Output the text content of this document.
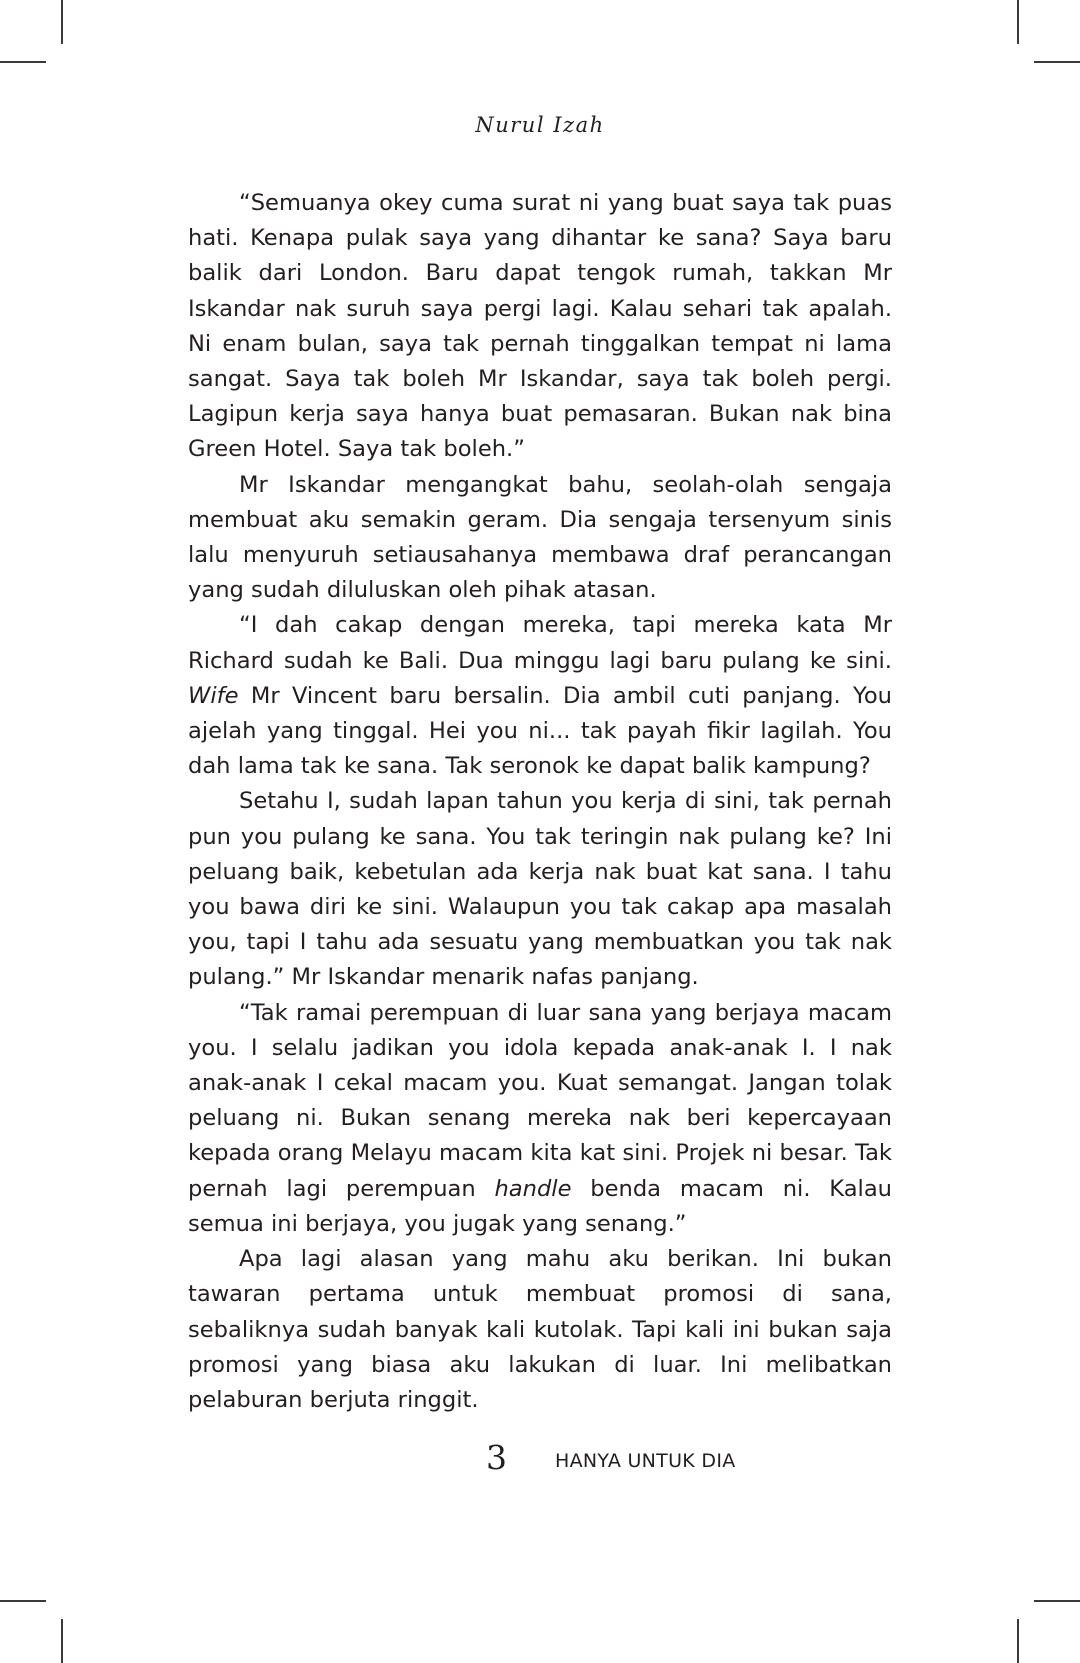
Nurul Izah

“Semuanya okey cuma surat ni yang buat saya tak puas hati. Kenapa pulak saya yang dihantar ke sana? Saya baru balik dari London. Baru dapat tengok rumah, takkan Mr Iskandar nak suruh saya pergi lagi. Kalau sehari tak apalah. Ni enam bulan, saya tak pernah tinggalkan tempat ni lama sangat. Saya tak boleh Mr Iskandar, saya tak boleh pergi. Lagipun kerja saya hanya buat pemasaran. Bukan nak bina Green Hotel. Saya tak boleh.”

Mr Iskandar mengangkat bahu, seolah-olah sengaja membuat aku semakin geram. Dia sengaja tersenyum sinis lalu menyuruh setiausahanya membawa draf perancangan yang sudah diluluskan oleh pihak atasan.

“I dah cakap dengan mereka, tapi mereka kata Mr Richard sudah ke Bali. Dua minggu lagi baru pulang ke sini. Wife Mr Vincent baru bersalin. Dia ambil cuti panjang. You ajelah yang tinggal. Hei you ni... tak payah fikir lagilah. You dah lama tak ke sana. Tak seronok ke dapat balik kampung?

Setahu I, sudah lapan tahun you kerja di sini, tak pernah pun you pulang ke sana. You tak teringin nak pulang ke? Ini peluang baik, kebetulan ada kerja nak buat kat sana. I tahu you bawa diri ke sini. Walaupun you tak cakap apa masalah you, tapi I tahu ada sesuatu yang membuatkan you tak nak pulang.” Mr Iskandar menarik nafas panjang.

“Tak ramai perempuan di luar sana yang berjaya macam you. I selalu jadikan you idola kepada anak-anak I. I nak anak-anak I cekal macam you. Kuat semangat. Jangan tolak peluang ni. Bukan senang mereka nak beri kepercayaan kepada orang Melayu macam kita kat sini. Projek ni besar. Tak pernah lagi perempuan handle benda macam ni. Kalau semua ini berjaya, you jugak yang senang.”

Apa lagi alasan yang mahu aku berikan. Ini bukan tawaran pertama untuk membuat promosi di sana, sebaliknya sudah banyak kali kutolak. Tapi kali ini bukan saja promosi yang biasa aku lakukan di luar. Ini melibatkan pelaburan berjuta ringgit.

3	HANYA UNTUK DIA
